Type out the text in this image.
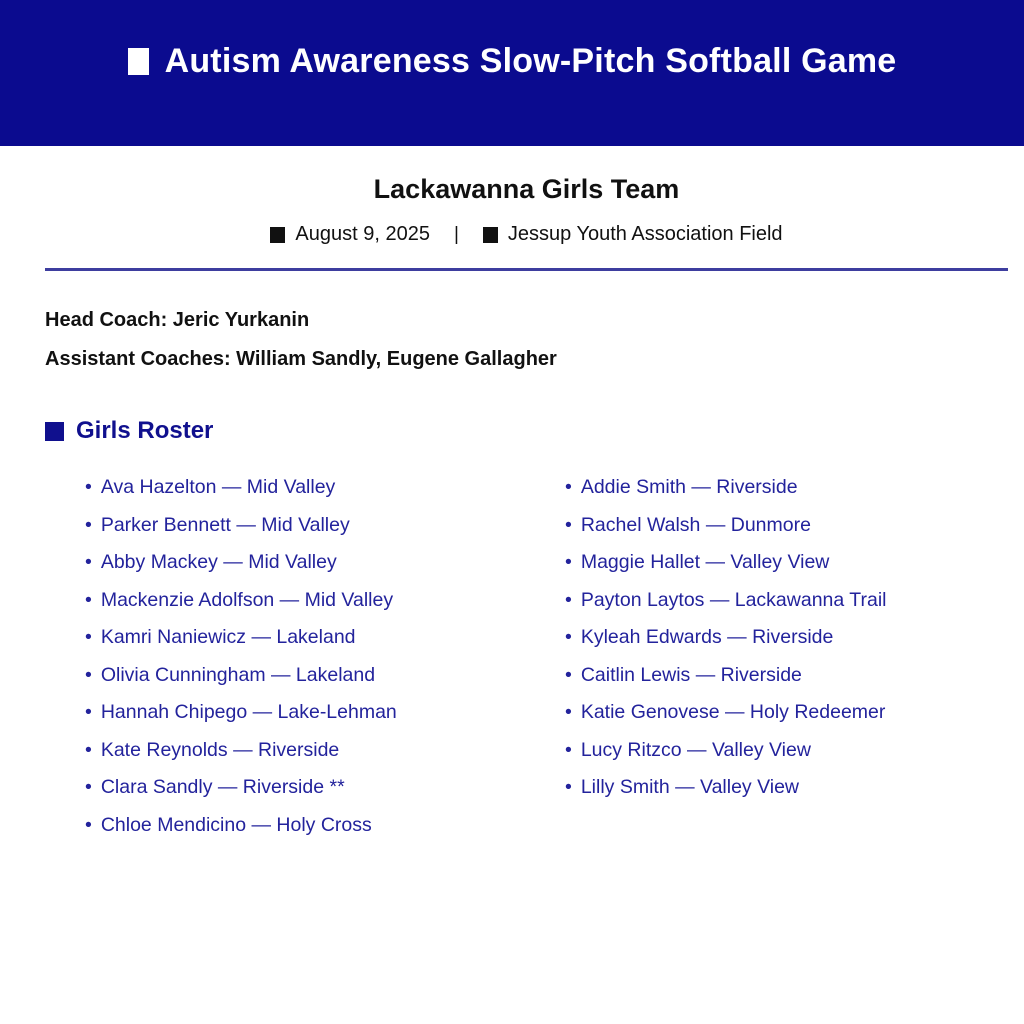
Autism Awareness Slow-Pitch Softball Game
Lackawanna Girls Team
August 9, 2025 | Jessup Youth Association Field
Head Coach: Jeric Yurkanin
Assistant Coaches: William Sandly, Eugene Gallagher
Girls Roster
• Ava Hazelton — Mid Valley
• Parker Bennett — Mid Valley
• Abby Mackey — Mid Valley
• Mackenzie Adolfson — Mid Valley
• Kamri Naniewicz — Lakeland
• Olivia Cunningham — Lakeland
• Hannah Chipego — Lake-Lehman
• Kate Reynolds — Riverside
• Clara Sandly — Riverside **
• Chloe Mendicino — Holy Cross
• Addie Smith — Riverside
• Rachel Walsh — Dunmore
• Maggie Hallet — Valley View
• Payton Laytos — Lackawanna Trail
• Kyleah Edwards — Riverside
• Caitlin Lewis — Riverside
• Katie Genovese — Holy Redeemer
• Lucy Ritzco — Valley View
• Lilly Smith — Valley View
